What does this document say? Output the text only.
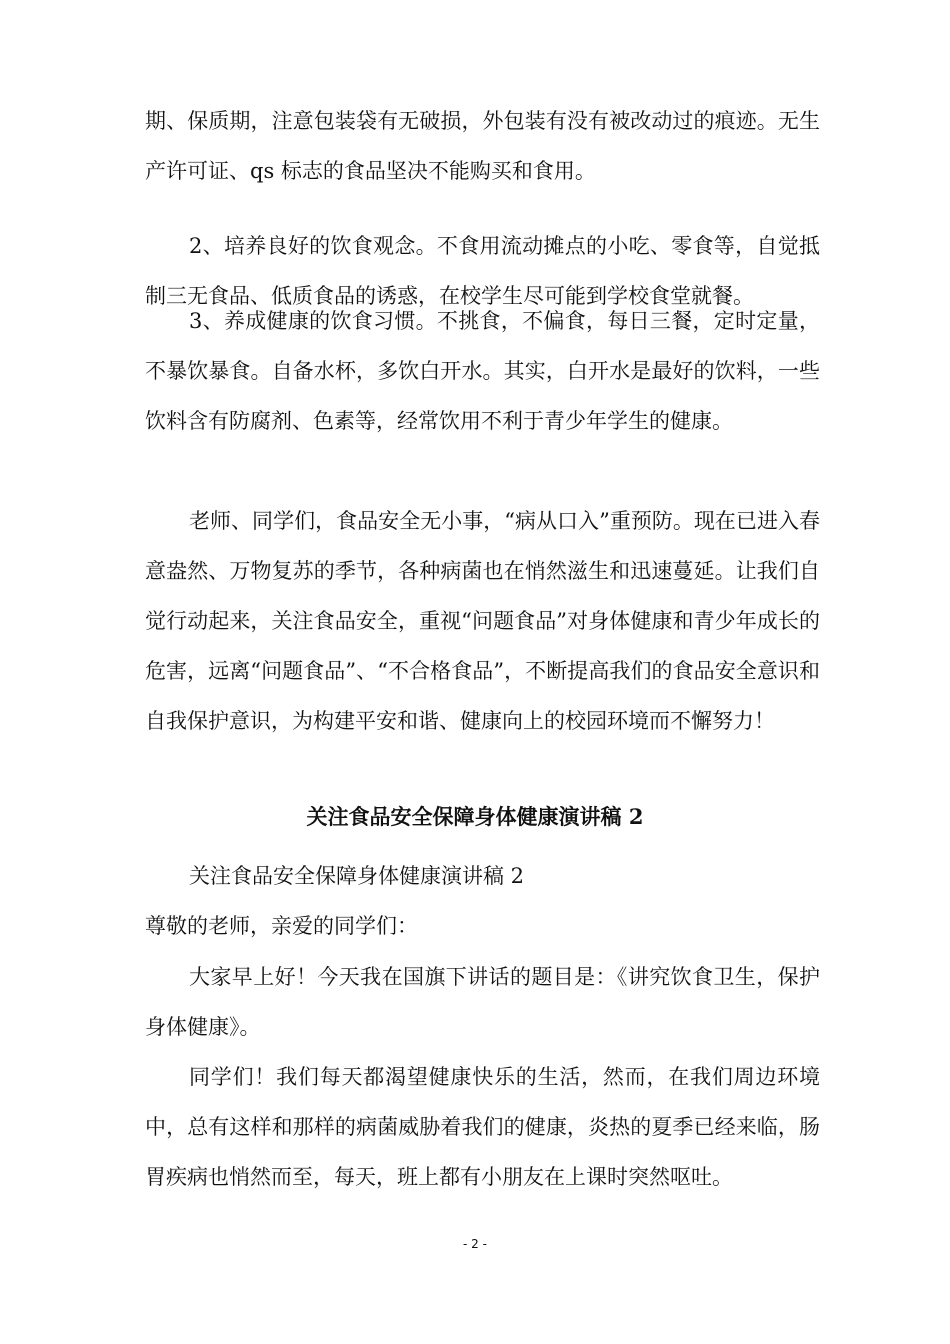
期、保质期，注意包装袋有无破损，外包装有没有被改动过的痕迹。无生产许可证、qs 标志的食品坚决不能购买和食用。

2、培养良好的饮食观念。不食用流动摊点的小吃、零食等，自觉抵制三无食品、低质食品的诱惑，在校学生尽可能到学校食堂就餐。

3、养成健康的饮食习惯。不挑食，不偏食，每日三餐，定时定量，不暴饮暴食。自备水杯，多饮白开水。其实，白开水是最好的饮料，一些饮料含有防腐剂、色素等，经常饮用不利于青少年学生的健康。

老师、同学们，食品安全无小事，“病从口入”重预防。现在已进入春意盎然、万物复苏的季节，各种病菌也在悄然滋生和迅速蔓延。让我们自觉行动起来，关注食品安全，重视“问题食品”对身体健康和青少年成长的危害，远离“问题食品”、“不合格食品”，不断提高我们的食品安全意识和自我保护意识，为构建平安和谐、健康向上的校园环境而不懈努力！

关注食品安全保障身体健康演讲稿 2

关注食品安全保障身体健康演讲稿 2

尊敬的老师，亲爱的同学们：

大家早上好！今天我在国旗下讲话的题目是：《讲究饮食卫生，保护身体健康》。

同学们！我们每天都渴望健康快乐的生活，然而，在我们周边环境中，总有这样和那样的病菌威胁着我们的健康，炎热的夏季已经来临，肠胃疾病也悄然而至，每天，班上都有小朋友在上课时突然呕吐。

- 2 -
